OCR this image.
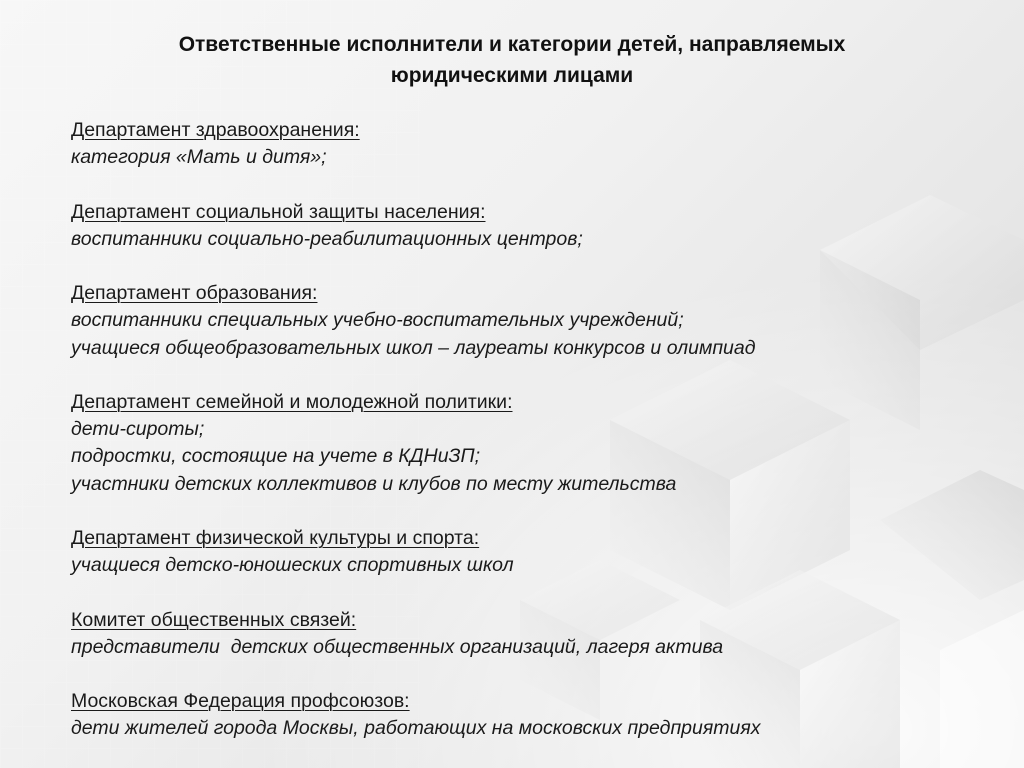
Ответственные исполнители и категории детей, направляемых
юридическими лицами
Департамент здравоохранения:
категория «Мать и дитя»;
Департамент социальной защиты населения:
воспитанники социально-реабилитационных центров;
Департамент образования:
воспитанники специальных учебно-воспитательных учреждений;
учащиеся общеобразовательных школ – лауреаты конкурсов и олимпиад
Департамент семейной и молодежной политики:
дети-сироты;
подростки, состоящие на учете в КДНиЗП;
участники детских коллективов и клубов по месту жительства
Департамент физической культуры и спорта:
учащиеся детско-юношеских спортивных школ
Комитет общественных связей:
представители  детских общественных организаций, лагеря актива
Московская Федерация профсоюзов:
дети жителей города Москвы, работающих на московских предприятиях
